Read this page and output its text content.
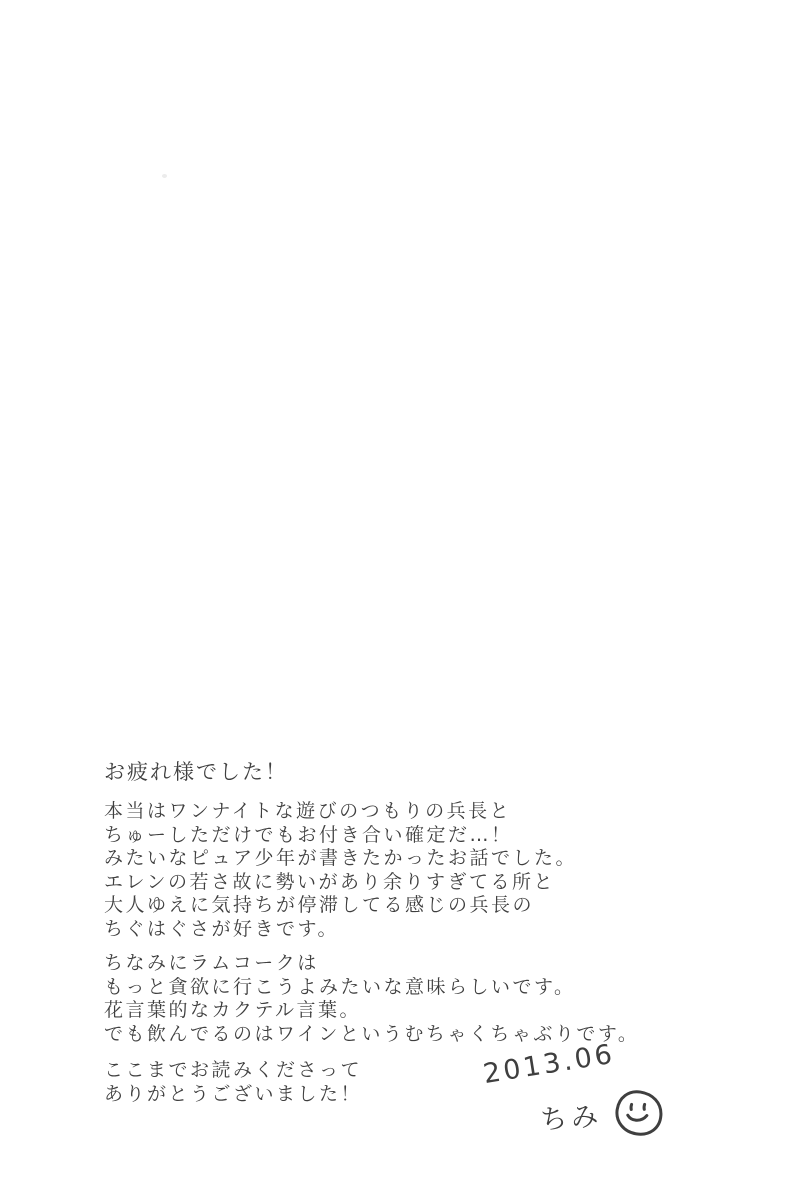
お疲れ様でした！
本当はワンナイトな遊びのつもりの兵長と
ちゅーしただけでもお付き合い確定だ…！
みたいなピュア少年が書きたかったお話でした。
エレンの若さ故に勢いがあり余りすぎてる所と
大人ゆえに気持ちが停滞してる感じの兵長の
ちぐはぐさが好きです。
ちなみにラムコークは
もっと貪欲に行こうよみたいな意味らしいです。
花言葉的なカクテル言葉。
でも飲んでるのはワインというむちゃくちゃぶりです。
ここまでお読みくださって
ありがとうございました！
2013.06
ちみ
